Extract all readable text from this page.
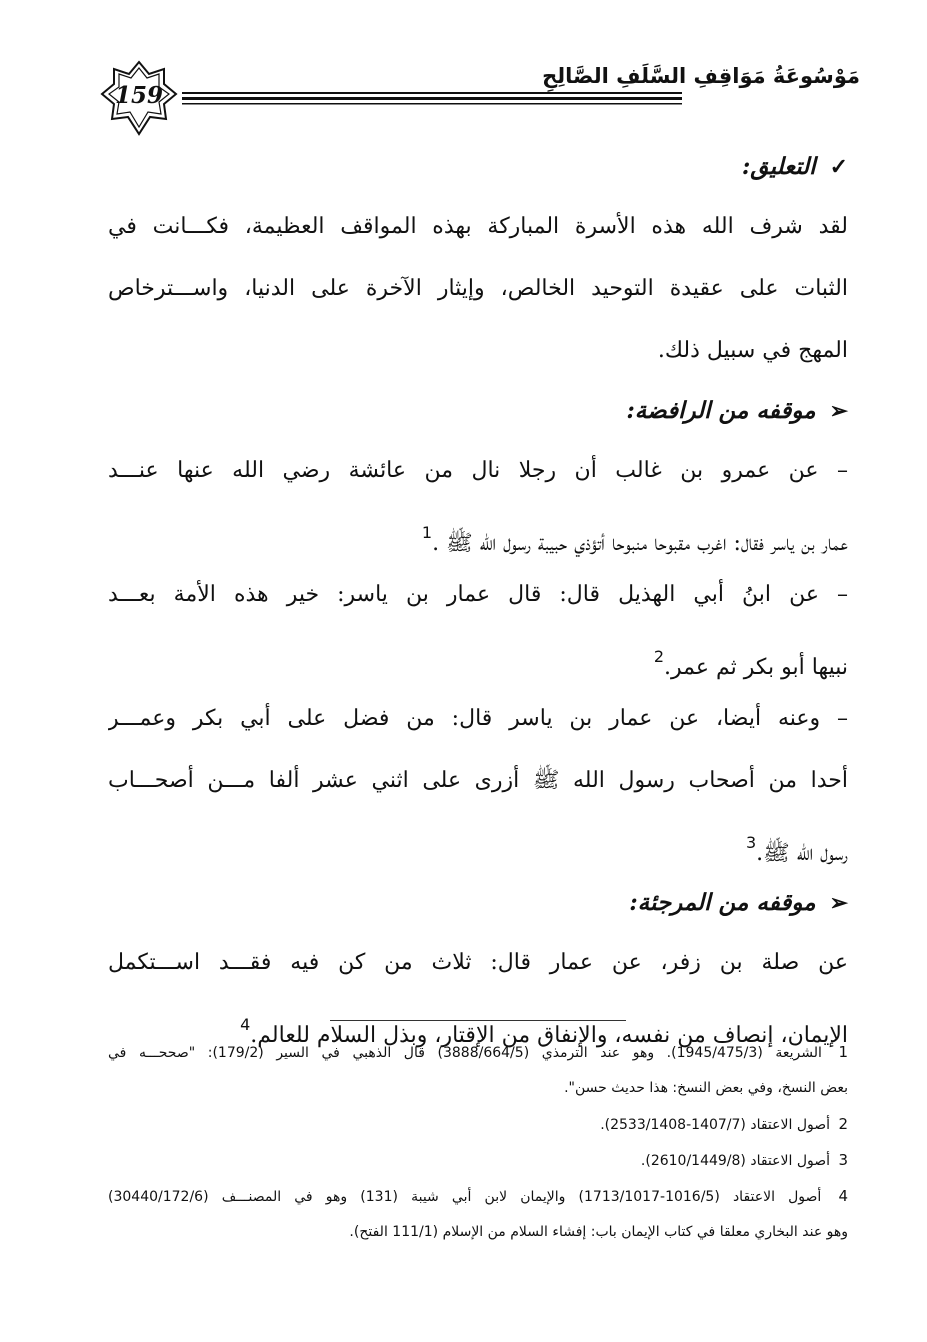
159
مَوْسُوعَةُ مَوَاقِفِ السَّلَفِ الصَّالِحِ
✓التعليق:
لقد شرف الله هذه الأسرة المباركة بهذه المواقف العظيمة، فكـــانت في
الثبات على عقيدة التوحيد الخالص، وإيثار الآخرة على الدنيا، واســـترخاص
المهج في سبيل ذلك.
➢موقفه من الرافضة:
– عن عمرو بن غالب أن رجلا نال من عائشة رضي الله عنها عنـــد
عمار بن ياسر فقال: اغرب مقبوحا منبوحا أتؤذي حبيبة رسول الله ﷺ .$^1$
– عن ابنُ أبي الهذيل قال: قال عمار بن ياسر: خير هذه الأمة بعـــد
نبيها أبو بكر ثم عمر.$^2$
– وعنه أيضا، عن عمار بن ياسر قال: من فضل على أبي بكر وعمـــر
أحدا من أصحاب رسول الله ﷺ أزرى على اثني عشر ألفا مـــن أصحـــاب
رسول الله ﷺ.$^3$
➢موقفه من المرجئة:
عن صلة بن زفر، عن عمار قال: ثلاث من كن فيه فقـــد اســـتكمل
الإيمان، إنصاف من نفسه، والإنفاق من الإقتار، وبذل السلام للعالم.$^4$
1 الشريعة (1945/475/3). وهو عند الترمذي (3888/664/5) قال الذهبي في السير (179/2): "صححـــه في
بعض النسخ، وفي بعض النسخ: هذا حديث حسن".
2 أصول الاعتقاد (1407/7-2533/1408).
3 أصول الاعتقاد (2610/1449/8).
4 أصول الاعتقاد (1016/5-1713/1017) والإيمان لابن أبي شيبة (131) وهو في المصنـــف (30440/172/6)
وهو عند البخاري معلقا في كتاب الإيمان باب: إفشاء السلام من الإسلام (111/1 الفتح).
